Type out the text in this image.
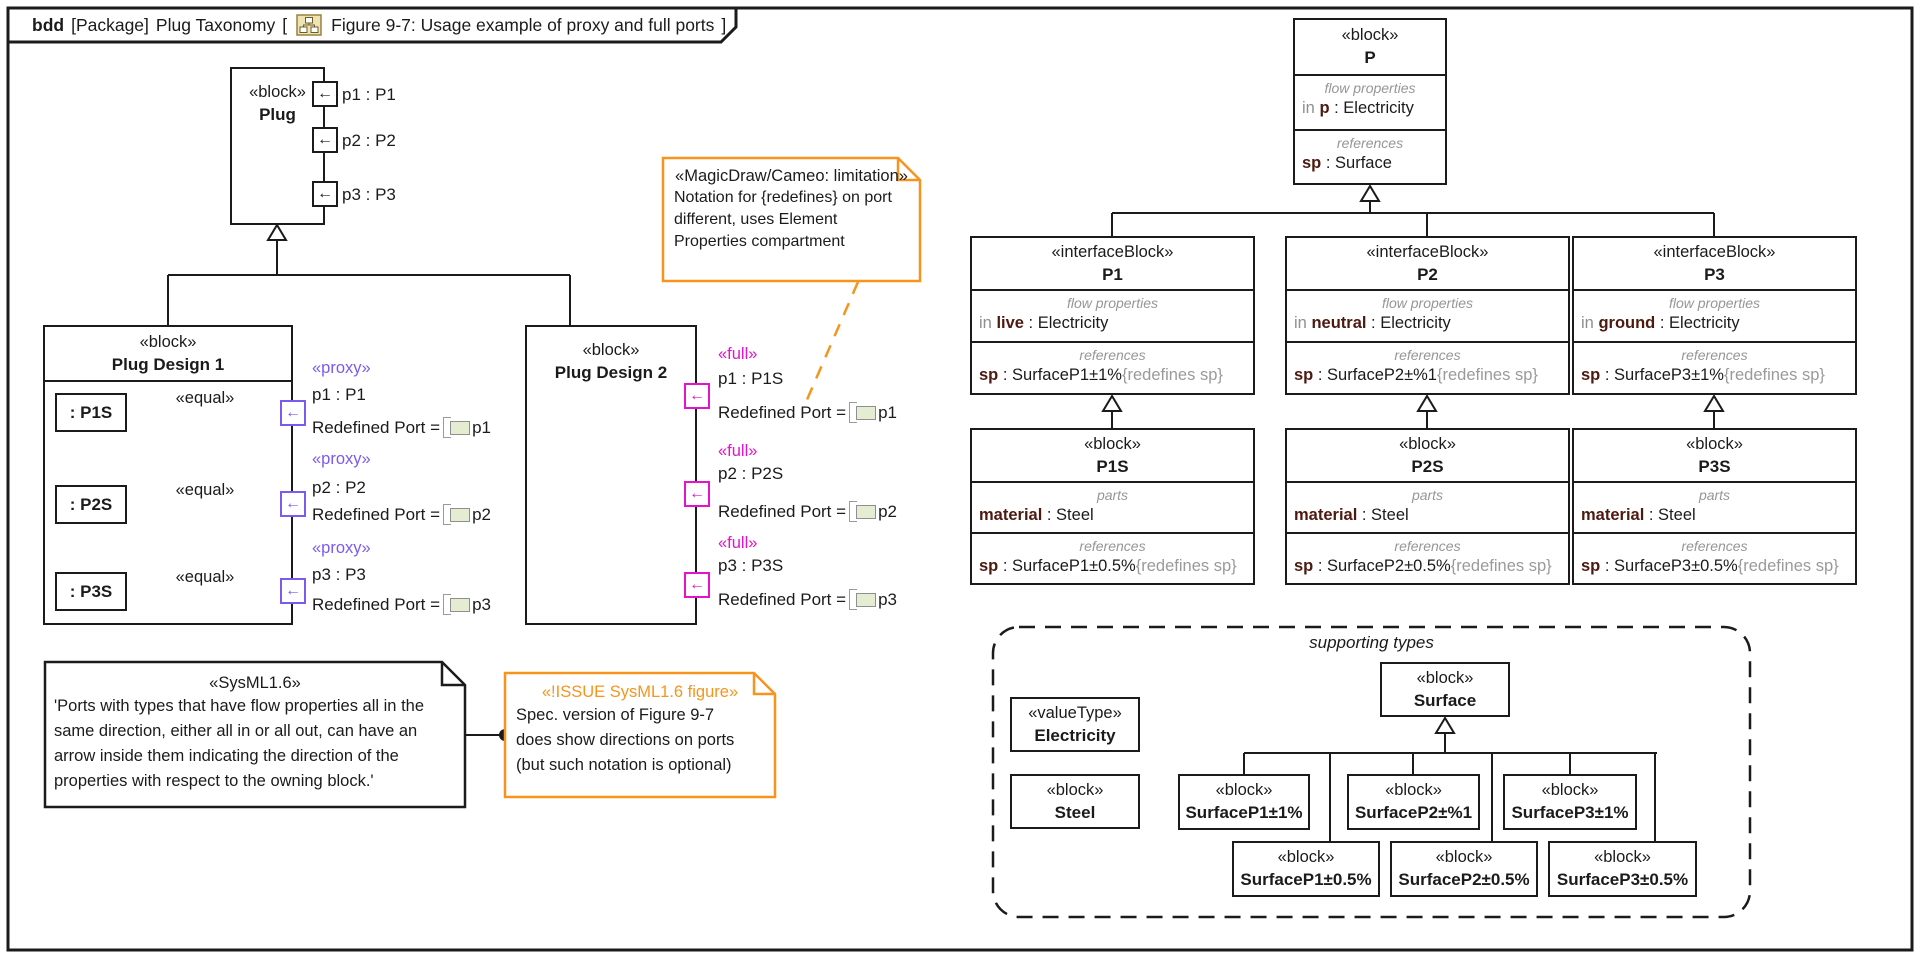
bdd [Package] Plug Taxonomy [	Figure 9-7: Usage example of proxy and full ports ]
«block»
Plug
←
←
←
p1 : P1
p2 : P2
p3 : P3
«block»
Plug Design 1
: P1S
: P2S
: P3S
«equal»
«equal»
«equal»
←
←
←
«proxy»
p1 : P1
Redefined Port = p1
«proxy»
p2 : P2
Redefined Port = p2
«proxy»
p3 : P3
Redefined Port = p3
«block»
Plug Design 2
←
←
←
«full»
p1 : P1S
Redefined Port = p1
«full»
p2 : P2S
Redefined Port = p2
«full»
p3 : P3S
Redefined Port = p3
«block»
P
flow properties
in p : Electricity
references
sp : Surface
«interfaceBlock»
P1
flow properties
in live : Electricity
references
sp : SurfaceP1±1%{redefines sp}
«interfaceBlock»
P2
flow properties
in neutral : Electricity
references
sp : SurfaceP2±%1{redefines sp}
«interfaceBlock»
P3
flow properties
in ground : Electricity
references
sp : SurfaceP3±1%{redefines sp}
«block»
P1S
parts
material : Steel
references
sp : SurfaceP1±0.5%{redefines sp}
«block»
P2S
parts
material : Steel
references
sp : SurfaceP2±0.5%{redefines sp}
«block»
P3S
parts
material : Steel
references
sp : SurfaceP3±0.5%{redefines sp}
supporting types
«valueType»
Electricity
«block»
Steel
«block»
Surface
«block»
SurfaceP1±1%
«block»
SurfaceP2±%1
«block»
SurfaceP3±1%
«block»
SurfaceP1±0.5%
«block»
SurfaceP2±0.5%
«block»
SurfaceP3±0.5%
«MagicDraw/Cameo: limitation»
Notation for {redefines} on port
different, uses Element
Properties compartment
«SysML1.6»
'Ports with types that have flow properties all in the
same direction, either all in or all out, can have an
arrow inside them indicating the direction of the
properties with respect to the owning block.'
«!ISSUE SysML1.6 figure»
Spec. version of Figure 9-7
does show directions on ports
(but such notation is optional)
